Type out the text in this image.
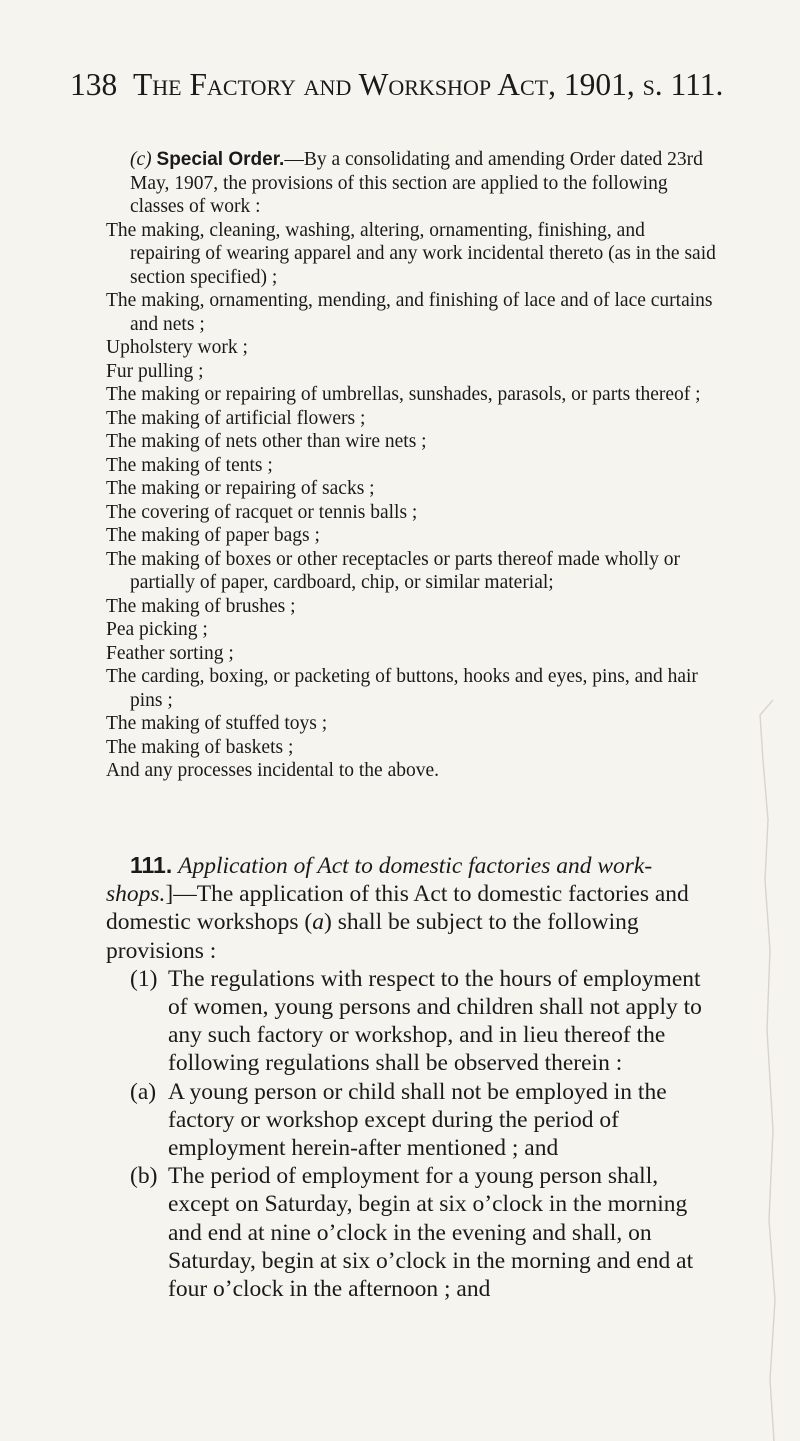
138 The Factory and Workshop Act, 1901, s. 111.

(c) Special Order.—By a consolidating and amending Order dated 23rd May, 1907, the provisions of this section are applied to the following classes of work :

The making, cleaning, washing, altering, ornamenting, finishing, and repairing of wearing apparel and any work incidental thereto (as in the said section specified) ;

The making, ornamenting, mending, and finishing of lace and of lace curtains and nets ;

Upholstery work ;

Fur pulling ;

The making or repairing of umbrellas, sunshades, parasols, or parts thereof ;

The making of artificial flowers ;

The making of nets other than wire nets ;

The making of tents ;

The making or repairing of sacks ;

The covering of racquet or tennis balls ;

The making of paper bags ;

The making of boxes or other receptacles or parts thereof made wholly or partially of paper, cardboard, chip, or similar material;

The making of brushes ;

Pea picking ;

Feather sorting ;

The carding, boxing, or packeting of buttons, hooks and eyes, pins, and hair pins ;

The making of stuffed toys ;

The making of baskets ;

And any processes incidental to the above.

111. Application of Act to domestic factories and work-shops.]—The application of this Act to domestic factories and domestic workshops (a) shall be subject to the following provisions :

(1) The regulations with respect to the hours of employment of women, young persons and children shall not apply to any such factory or workshop, and in lieu thereof the following regulations shall be observed therein :

(a) A young person or child shall not be employed in the factory or workshop except during the period of employment herein-after mentioned ; and

(b) The period of employment for a young person shall, except on Saturday, begin at six o’clock in the morning and end at nine o’clock in the evening and shall, on Saturday, begin at six o’clock in the morning and end at four o’clock in the afternoon ; and
